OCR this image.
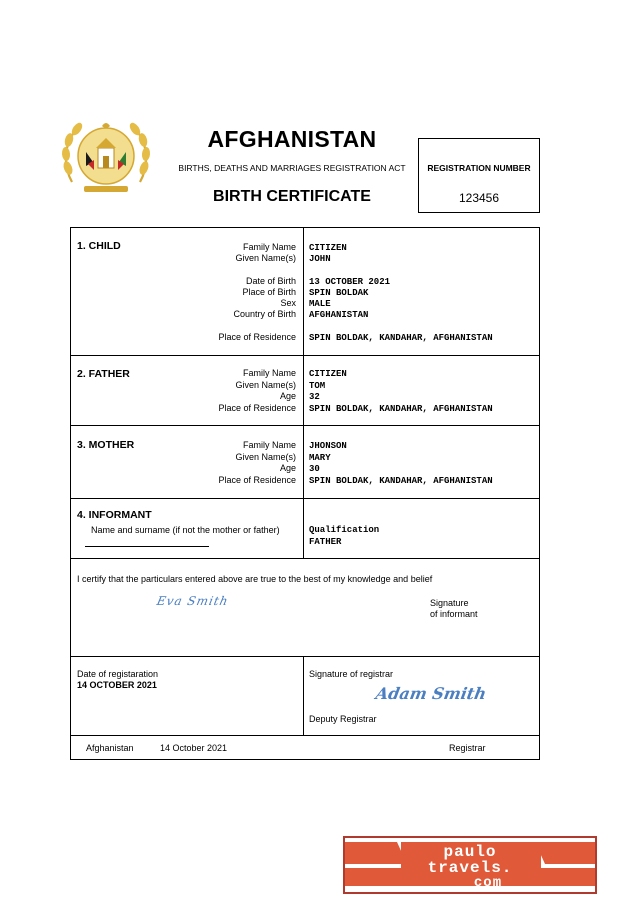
AFGHANISTAN
BIRTHS, DEATHS AND MARRIAGES REGISTRATION ACT
BIRTH CERTIFICATE
REGISTRATION NUMBER
123456
1. CHILD	Family Name CITIZEN
Given Name(s) JOHN
Date of Birth 13 OCTOBER 2021
Place of Birth SPIN BOLDAK
Sex MALE
Country of Birth AFGHANISTAN
Place of Residence SPIN BOLDAK, KANDAHAR, AFGHANISTAN
2. FATHER	Family Name CITIZEN
Given Name(s) TOM
Age 32
Place of Residence SPIN BOLDAK, KANDAHAR, AFGHANISTAN
3. MOTHER	Family Name JHONSON
Given Name(s) MARY
Age 30
Place of Residence SPIN BOLDAK, KANDAHAR, AFGHANISTAN
4. INFORMANT
Name and surname (if not the mother or father)	Qualification
FATHER
I certify that the particulars entered above are true to the best of my knowledge and belief
Eva Smith	Signature
of informant
Date of registaration
14 OCTOBER 2021
Signature of registrar
Adam Smith
Deputy Registrar
Afghanistan	14 October 2021	Registrar
paulo
travels.
com
